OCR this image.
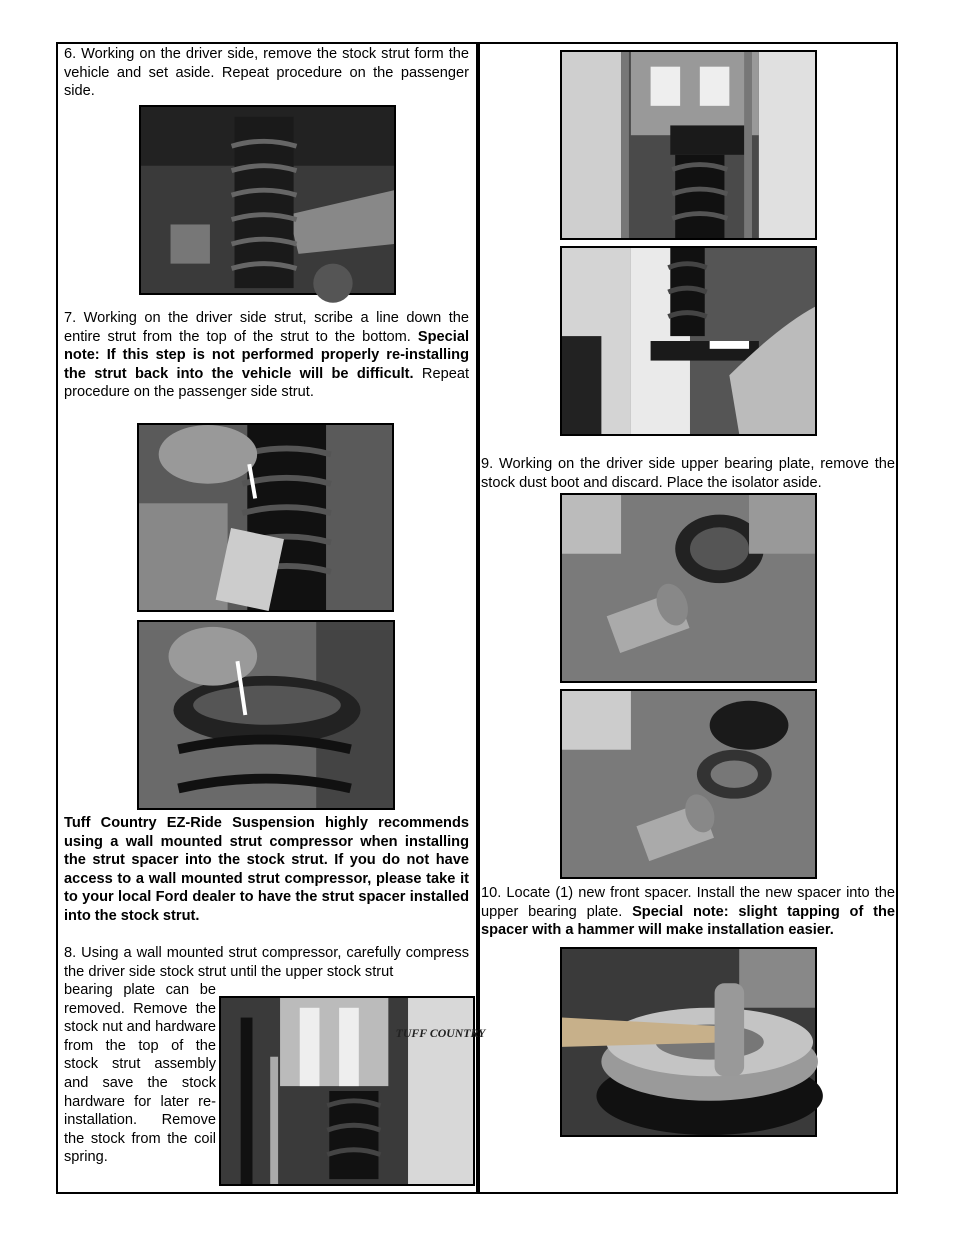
6. Working on the driver side, remove the stock strut form the vehicle and set aside. Repeat procedure on the passenger side.

7. Working on the driver side strut, scribe a line down the entire strut from the top of the strut to the bottom. Special note: If this step is not performed properly re-installing the strut back into the vehicle will be difficult. Repeat procedure on the passenger side strut.

Tuff Country EZ-Ride Suspension highly recommends using a wall mounted strut compressor when installing the strut spacer into the stock strut. If you do not have access to a wall mounted strut compressor, please take it to your local Ford dealer to have the strut spacer installed into the stock strut.

8. Using a wall mounted strut compressor, carefully compress the driver side stock strut until the upper stock strut

bearing plate can be removed. Remove the stock nut and hardware from the top of the stock strut assembly and save the stock hardware for later reinstallation. Remove the stock from the coil spring.

TUFF COUNTRY

9. Working on the driver side upper bearing plate, remove the stock dust boot and discard. Place the isolator aside.

10. Locate (1) new front spacer. Install the new spacer into the upper bearing plate. Special note: slight tapping of the spacer with a hammer will make installation easier.
